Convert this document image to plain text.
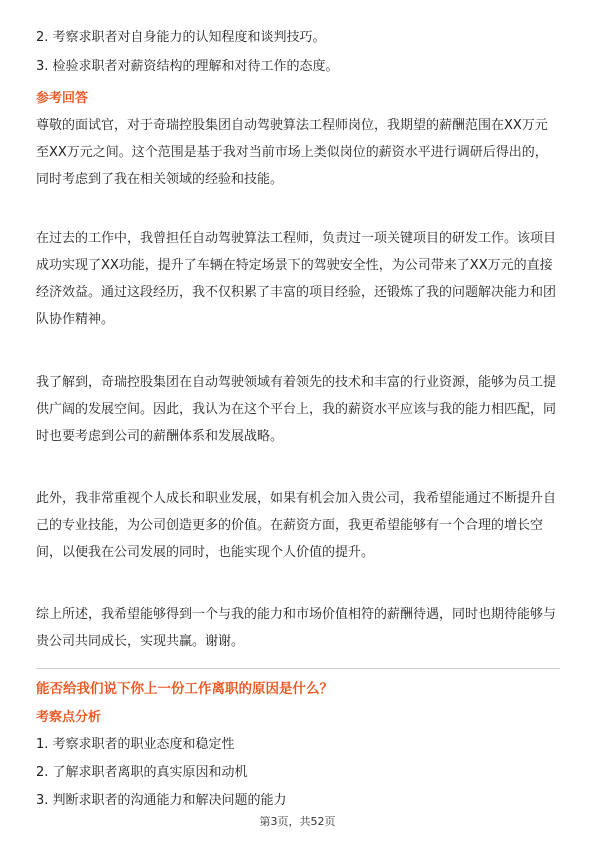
2. 考察求职者对自身能力的认知程度和谈判技巧。

3. 检验求职者对薪资结构的理解和对待工作的态度。

参考回答

尊敬的面试官，对于奇瑞控股集团自动驾驶算法工程师岗位，我期望的薪酬范围在XX万元至XX万元之间。这个范围是基于我对当前市场上类似岗位的薪资水平进行调研后得出的，同时考虑到了我在相关领域的经验和技能。

在过去的工作中，我曾担任自动驾驶算法工程师，负责过一项关键项目的研发工作。该项目成功实现了XX功能，提升了车辆在特定场景下的驾驶安全性，为公司带来了XX万元的直接经济效益。通过这段经历，我不仅积累了丰富的项目经验，还锻炼了我的问题解决能力和团队协作精神。

我了解到，奇瑞控股集团在自动驾驶领域有着领先的技术和丰富的行业资源，能够为员工提供广阔的发展空间。因此，我认为在这个平台上，我的薪资水平应该与我的能力相匹配，同时也要考虑到公司的薪酬体系和发展战略。

此外，我非常重视个人成长和职业发展，如果有机会加入贵公司，我希望能通过不断提升自己的专业技能，为公司创造更多的价值。在薪资方面，我更希望能够有一个合理的增长空间，以便我在公司发展的同时，也能实现个人价值的提升。

综上所述，我希望能够得到一个与我的能力和市场价值相符的薪酬待遇，同时也期待能够与贵公司共同成长，实现共赢。谢谢。

能否给我们说下你上一份工作离职的原因是什么？

考察点分析

1. 考察求职者的职业态度和稳定性

2. 了解求职者离职的真实原因和动机

3. 判断求职者的沟通能力和解决问题的能力

第3页，共52页
